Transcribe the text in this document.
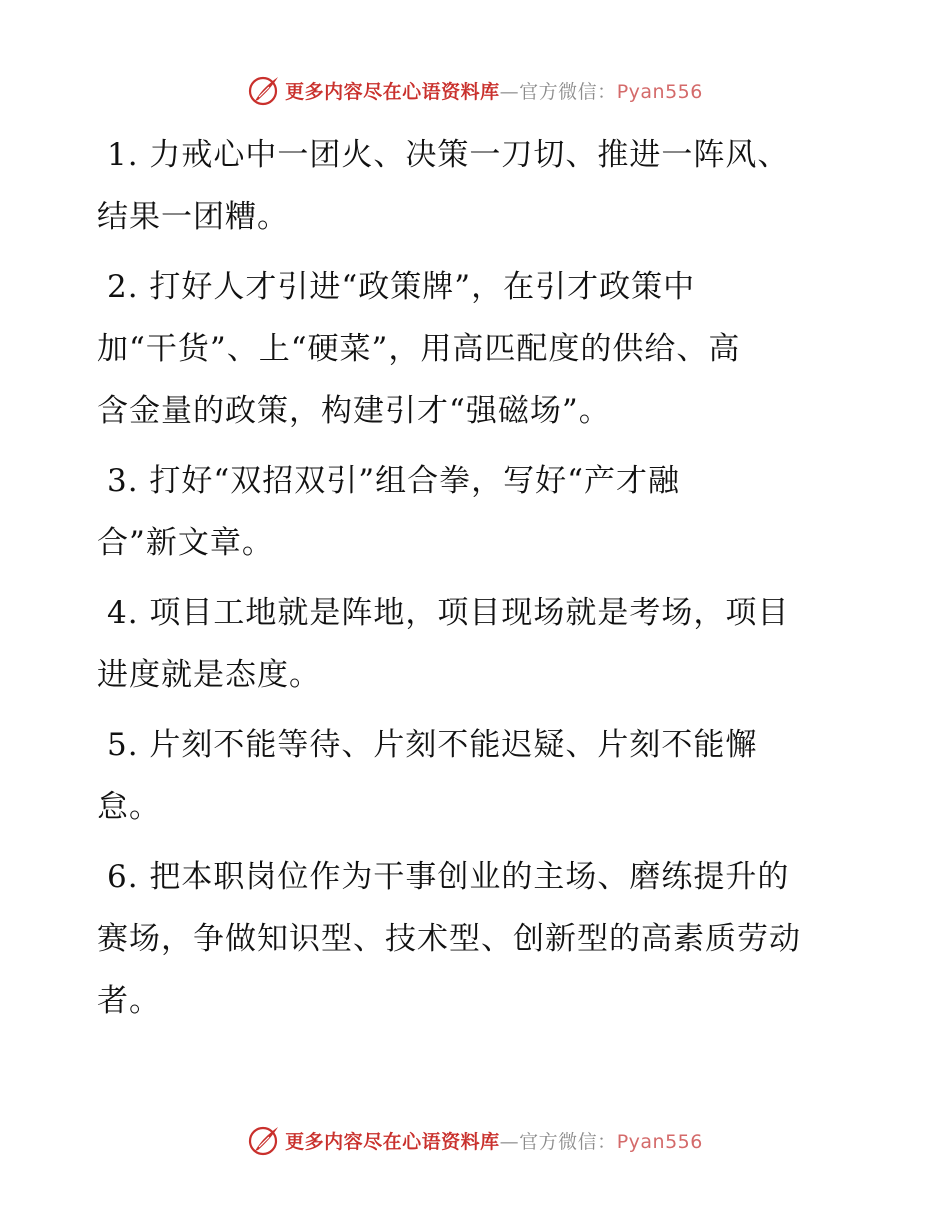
更多内容尽在心语资料库—官方微信：Pyan556

1. 力戒心中一团火、决策一刀切、推进一阵风、
结果一团糟。

2. 打好人才引进“政策牌”，在引才政策中
加“干货”、上“硬菜”，用高匹配度的供给、高
含金量的政策，构建引才“强磁场”。

3. 打好“双招双引”组合拳，写好“产才融
合”新文章。

4. 项目工地就是阵地，项目现场就是考场，项目
进度就是态度。

5. 片刻不能等待、片刻不能迟疑、片刻不能懈
怠。

6. 把本职岗位作为干事创业的主场、磨练提升的
赛场，争做知识型、技术型、创新型的高素质劳动
者。

更多内容尽在心语资料库—官方微信：Pyan556
